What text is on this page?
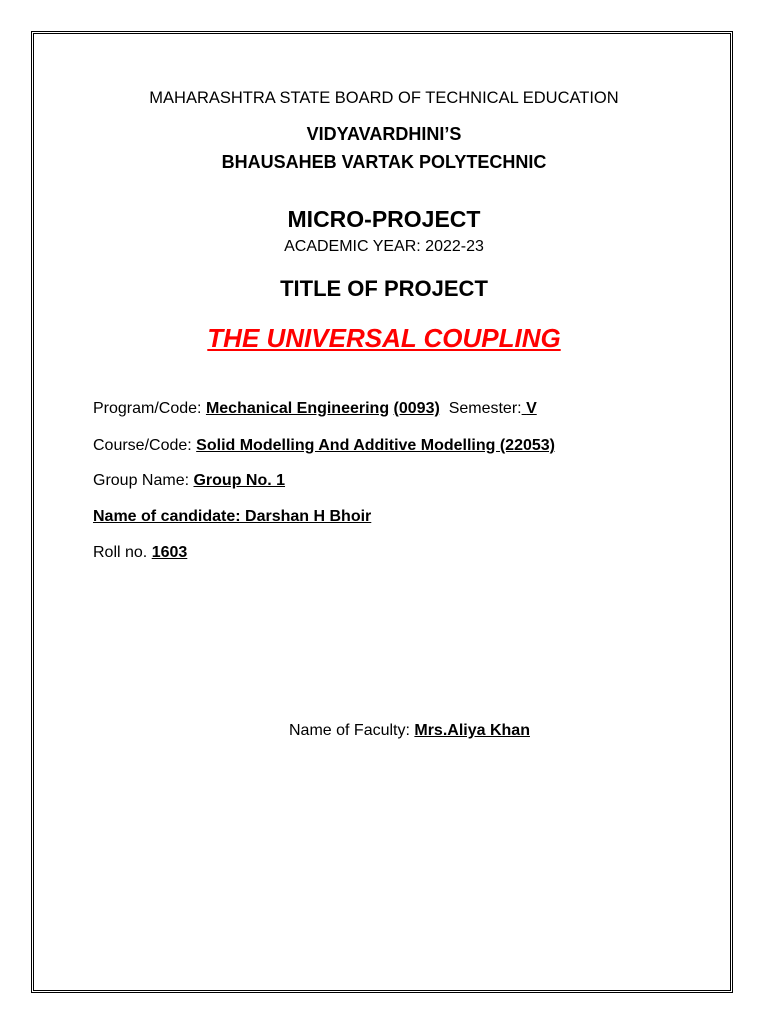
MAHARASHTRA STATE BOARD OF TECHNICAL EDUCATION
VIDYAVARDHINI’S
BHAUSAHEB VARTAK POLYTECHNIC
MICRO-PROJECT
ACADEMIC YEAR: 2022-23
TITLE OF PROJECT
THE UNIVERSAL COUPLING
Program/Code: Mechanical Engineering (0093) Semester: V
Course/Code: Solid Modelling And Additive Modelling (22053)
Group Name: Group No. 1
Name of candidate: Darshan H Bhoir
Roll no. 1603
Name of Faculty: Mrs.Aliya Khan
